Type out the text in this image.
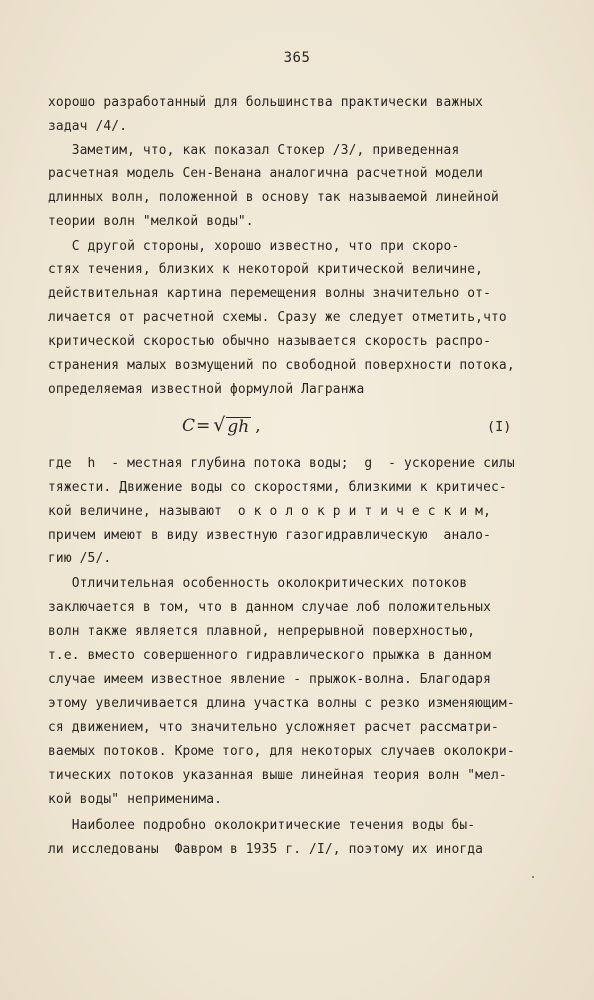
365
хорошо разработанный для большинства практически важных
задач /4/.
Заметим, что, как показал Стокер /3/, приведенная
расчетная модель Сен-Венана аналогична расчетной модели
длинных волн, положенной в основу так называемой линейной
теории волн "мелкой воды".
С другой стороны, хорошо известно, что при скоро-
стях течения, близких к некоторой критической величине,
действительная картина перемещения волны значительно от-
личается от расчетной схемы. Сразу же следует отметить,что
критической скоростью обычно называется скорость распро-
странения малых возмущений по свободной поверхности потока,
определяемая известной формулой Лагранжа
C = √ gh ,	(I)
где  h  - местная глубина потока воды;  g  - ускорение силы
тяжести. Движение воды со скоростями, близкими к критичес-
кой величине, называют  о к о л о к р и т и ч е с к и м,
причем имеют в виду известную газогидравлическую  анало-
гию /5/.
Отличительная особенность околокритических потоков
заключается в том, что в данном случае лоб положительных
волн также является плавной, непрерывной поверхностью,
т.е. вместо совершенного гидравлического прыжка в данном
случае имеем известное явление - прыжок-волна. Благодаря
этому увеличивается длина участка волны с резко изменяющим-
ся движением, что значительно усложняет расчет рассматри-
ваемых потоков. Кроме того, для некоторых случаев околокри-
тических потоков указанная выше линейная теория волн "мел-
кой воды" неприменима.
Наиболее подробно околокритические течения воды бы-
ли исследованы  Фавром в 1935 г. /I/, поэтому их иногда
